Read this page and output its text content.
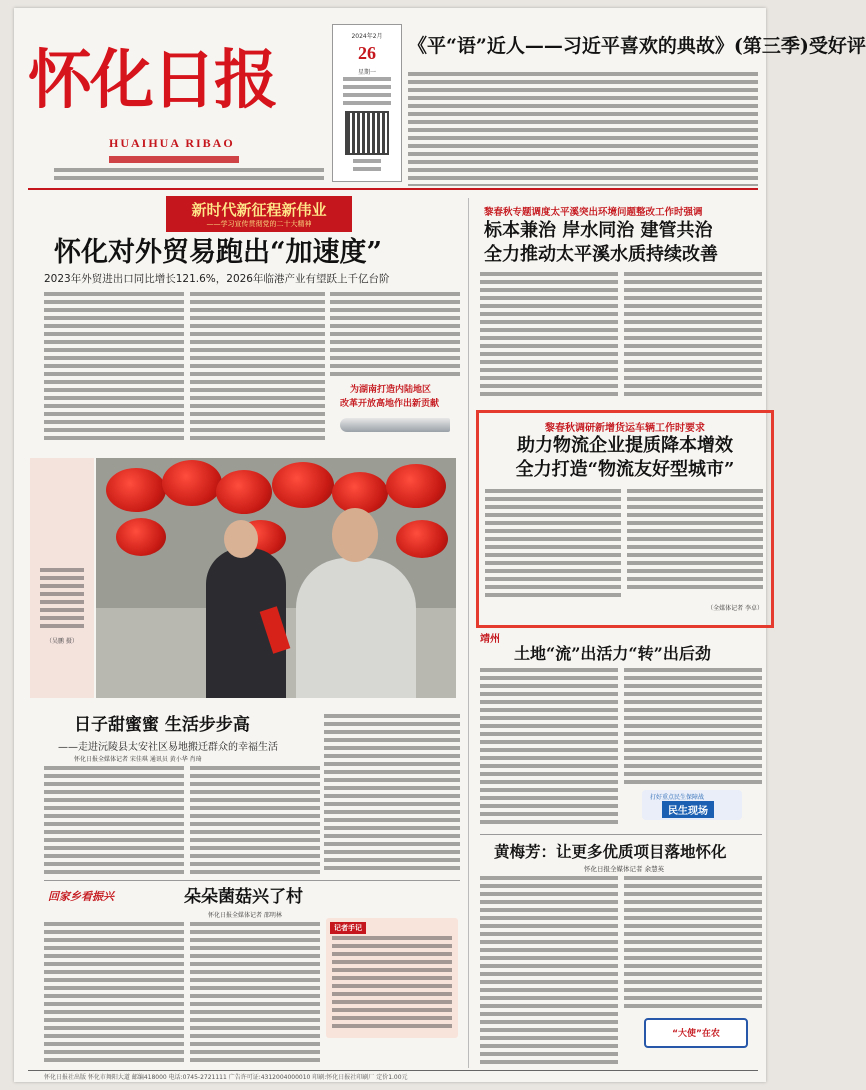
怀化日报
HUAIHUA RIBAO
2024年2月
26
星期一
《平“语”近人——习近平喜欢的典故》(第三季)受好评
新时代新征程新伟业
——学习宣传贯彻党的二十大精神
怀化对外贸易跑出“加速度”
2023年外贸进出口同比增长121.6%，2026年临港产业有望跃上千亿台阶
为湖南打造内陆地区
改革开放高地作出新贡献
黎春秋专题调度太平溪突出环境问题整改工作时强调
标本兼治 岸水同治 建管共治
全力推动太平溪水质持续改善
黎春秋调研新增货运车辆工作时要求
助力物流企业提质降本增效
全力打造“物流友好型城市”
（全媒体记者 李卓）
（吴鹏 摄）	靖州
土地“流”出活力“转”出后劲
打好重点民生保障战
民生现场
黄梅芳：让更多优质项目落地怀化
怀化日报全媒体记者 余慧英
“大使”在农
日子甜蜜蜜 生活步步高
——走进沅陵县太安社区易地搬迁群众的幸福生活
怀化日报全媒体记者 宋佳琪 通讯员 黄小华 肖琦
回家乡看振兴	朵朵菌菇兴了村
怀化日报全媒体记者 邵明林
记者手记
怀化日报社出版 怀化市舞阳大道 邮编418000 电话:0745-2721111 广告许可证:4312004000010 印刷:怀化日报社印刷厂 定价1.00元
